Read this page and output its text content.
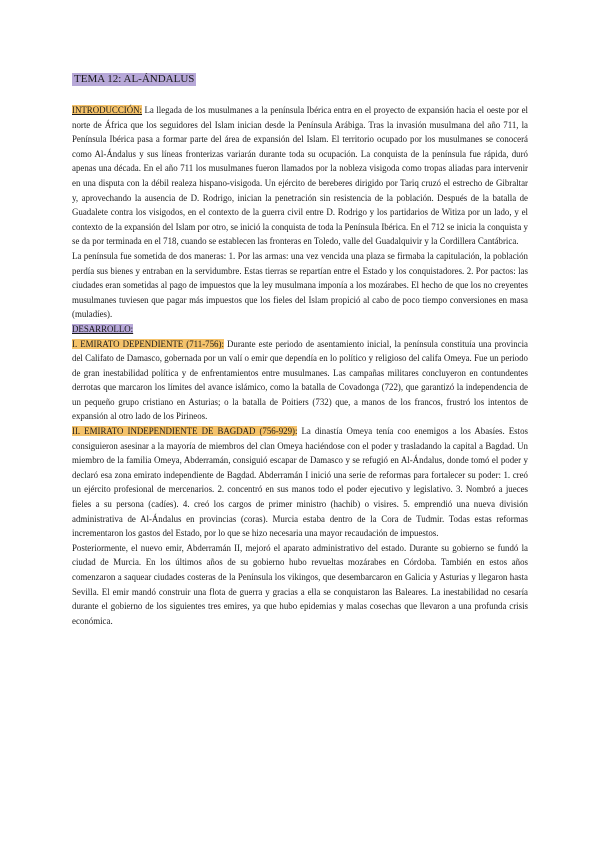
TEMA 12: AL-ÁNDALUS

INTRODUCCIÓN: La llegada de los musulmanes a la península Ibérica entra en el proyecto de expansión hacia el oeste por el norte de África que los seguidores del Islam inician desde la Península Arábiga. Tras la invasión musulmana del año 711, la Península Ibérica pasa a formar parte del área de expansión del Islam. El territorio ocupado por los musulmanes se conocerá como Al-Ándalus y sus líneas fronterizas variarán durante toda su ocupación. La conquista de la península fue rápida, duró apenas una década. En el año 711 los musulmanes fueron llamados por la nobleza visigoda como tropas aliadas para intervenir en una disputa con la débil realeza hispano-visigoda. Un ejército de bereberes dirigido por Tariq cruzó el estrecho de Gibraltar y, aprovechando la ausencia de D. Rodrigo, inician la penetración sin resistencia de la población. Después de la batalla de Guadalete contra los visigodos, en el contexto de la guerra civil entre D. Rodrigo y los partidarios de Witiza por un lado, y el contexto de la expansión del Islam por otro, se inició la conquista de toda la Península Ibérica. En el 712 se inicia la conquista y se da por terminada en el 718, cuando se establecen las fronteras en Toledo, valle del Guadalquivir y la Cordillera Cantábrica.

La península fue sometida de dos maneras: 1. Por las armas: una vez vencida una plaza se firmaba la capitulación, la población perdía sus bienes y entraban en la servidumbre. Estas tierras se repartían entre el Estado y los conquistadores. 2. Por pactos: las ciudades eran sometidas al pago de impuestos que la ley musulmana imponía a los mozárabes. El hecho de que los no creyentes musulmanes tuviesen que pagar más impuestos que los fieles del Islam propició al cabo de poco tiempo conversiones en masa (muladíes).

DESARROLLO:

I. EMIRATO DEPENDIENTE (711-756): Durante este periodo de asentamiento inicial, la península constituía una provincia del Califato de Damasco, gobernada por un valí o emir que dependía en lo político y religioso del califa Omeya. Fue un periodo de gran inestabilidad política y de enfrentamientos entre musulmanes. Las campañas militares concluyeron en contundentes derrotas que marcaron los límites del avance islámico, como la batalla de Covadonga (722), que garantizó la independencia de un pequeño grupo cristiano en Asturias; o la batalla de Poitiers (732) que, a manos de los francos, frustró los intentos de expansión al otro lado de los Pirineos.

II. EMIRATO INDEPENDIENTE DE BAGDAD (756-929): La dinastía Omeya tenía coo enemigos a los Abasíes. Estos consiguieron asesinar a la mayoría de miembros del clan Omeya haciéndose con el poder y trasladando la capital a Bagdad. Un miembro de la familia Omeya, Abderramán, consiguió escapar de Damasco y se refugió en Al-Ándalus, donde tomó el poder y declaró esa zona emirato independiente de Bagdad. Abderramán I inició una serie de reformas para fortalecer su poder: 1. creó un ejército profesional de mercenarios. 2. concentró en sus manos todo el poder ejecutivo y legislativo. 3. Nombró a jueces fieles a su persona (cadíes). 4. creó los cargos de primer ministro (hachib) o visires. 5. emprendió una nueva división administrativa de Al-Ándalus en provincias (coras). Murcia estaba dentro de la Cora de Tudmir. Todas estas reformas incrementaron los gastos del Estado, por lo que se hizo necesaria una mayor recaudación de impuestos.

Posteriormente, el nuevo emir, Abderramán II, mejoró el aparato administrativo del estado. Durante su gobierno se fundó la ciudad de Murcia. En los últimos años de su gobierno hubo revueltas mozárabes en Córdoba. También en estos años comenzaron a saquear ciudades costeras de la Península los vikingos, que desembarcaron en Galicia y Asturias y llegaron hasta Sevilla. El emir mandó construir una flota de guerra y gracias a ella se conquistaron las Baleares. La inestabilidad no cesaría durante el gobierno de los siguientes tres emires, ya que hubo epidemias y malas cosechas que llevaron a una profunda crisis económica.
